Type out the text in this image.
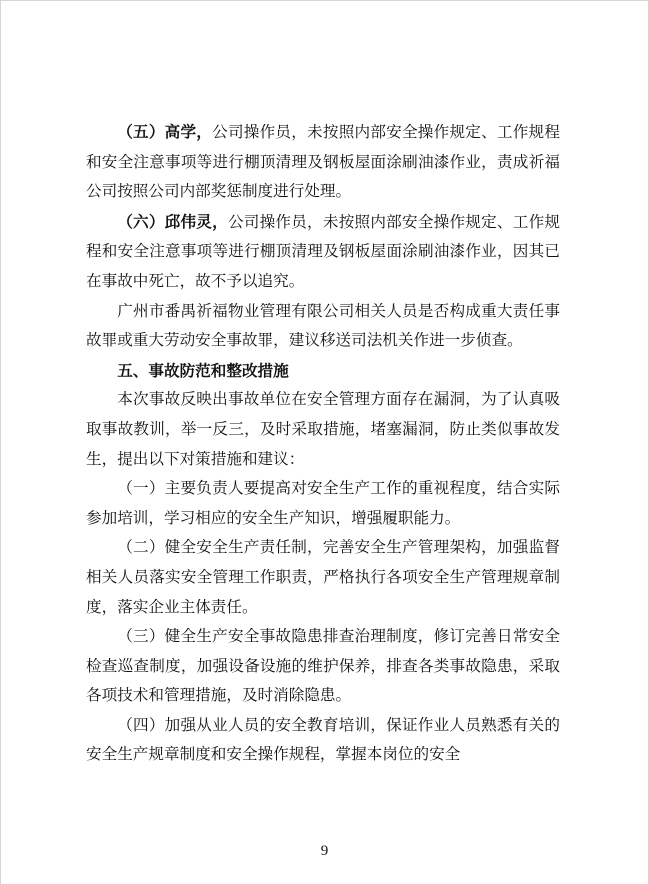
（五）高学，公司操作员，未按照内部安全操作规定、工作规程和安全注意事项等进行棚顶清理及钢板屋面涂刷油漆作业，责成祈福公司按照公司内部奖惩制度进行处理。

（六）邱伟灵，公司操作员，未按照内部安全操作规定、工作规程和安全注意事项等进行棚顶清理及钢板屋面涂刷油漆作业，因其已在事故中死亡，故不予以追究。

广州市番禺祈福物业管理有限公司相关人员是否构成重大责任事故罪或重大劳动安全事故罪，建议移送司法机关作进一步侦查。

五、事故防范和整改措施

本次事故反映出事故单位在安全管理方面存在漏洞，为了认真吸取事故教训，举一反三，及时采取措施，堵塞漏洞，防止类似事故发生，提出以下对策措施和建议：

（一）主要负责人要提高对安全生产工作的重视程度，结合实际参加培训，学习相应的安全生产知识，增强履职能力。

（二）健全安全生产责任制，完善安全生产管理架构，加强监督相关人员落实安全管理工作职责，严格执行各项安全生产管理规章制度，落实企业主体责任。

（三）健全生产安全事故隐患排查治理制度，修订完善日常安全检查巡查制度，加强设备设施的维护保养，排查各类事故隐患，采取各项技术和管理措施，及时消除隐患。

（四）加强从业人员的安全教育培训，保证作业人员熟悉有关的安全生产规章制度和安全操作规程，掌握本岗位的安全

9
